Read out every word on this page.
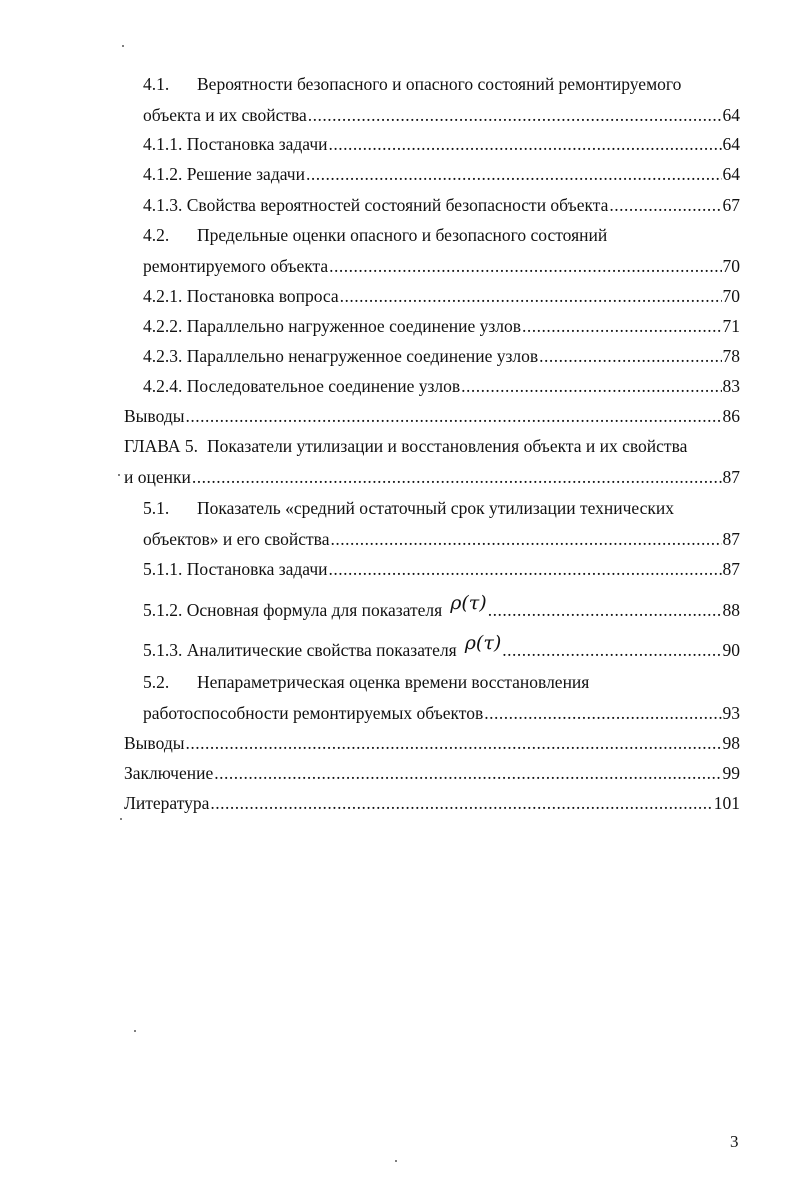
4.1. Вероятности безопасного и опасного состояний ремонтируемого
объекта и их свойства .....	64
4.1.1. Постановка задачи .....	64
4.1.2. Решение задачи .....	64
4.1.3. Свойства вероятностей состояний безопасности объекта .....	67
4.2. Предельные оценки опасного и безопасного состояний
ремонтируемого объекта .....	70
4.2.1. Постановка вопроса .....	70
4.2.2. Параллельно нагруженное соединение узлов .....	71
4.2.3. Параллельно ненагруженное соединение узлов .....	78
4.2.4. Последовательное соединение узлов .....	83
Выводы .....	86
ГЛАВА 5. Показатели утилизации и восстановления объекта и их свойства
и оценки .....	87
5.1. Показатель «средний остаточный срок утилизации технических
объектов» и его свойства .....	87
5.1.1. Постановка задачи .....	87
5.1.2. Основная формула для показателя ρ(τ) .....	88
5.1.3. Аналитические свойства показателя ρ(τ) .....	90
5.2. Непараметрическая оценка времени восстановления
работоспособности ремонтируемых объектов .....	93
Выводы .....	98
Заключение .....	99
Литература .....	101
3
